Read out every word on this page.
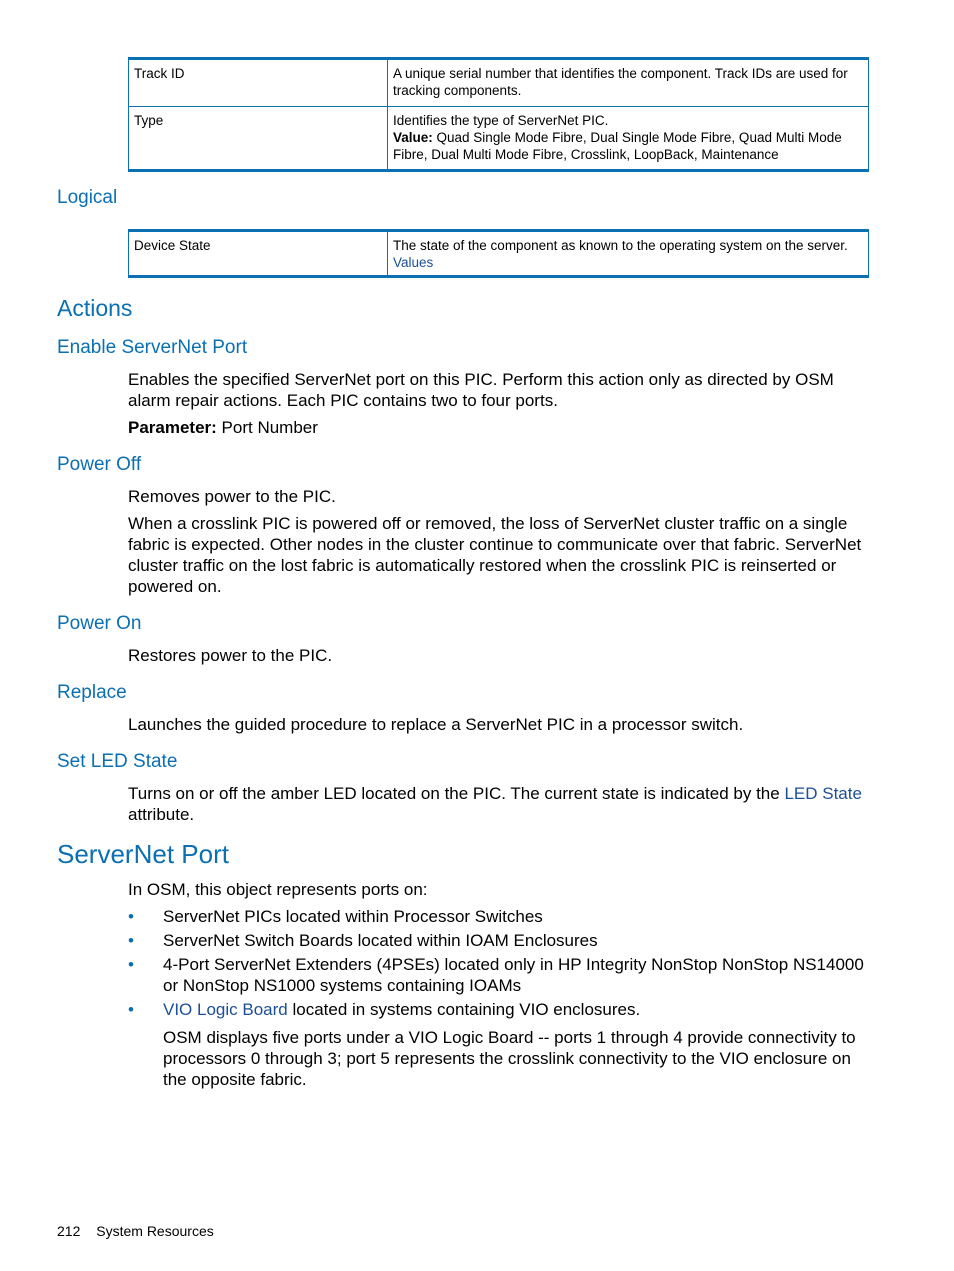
Track ID	A unique serial number that identifies the component. Track IDs are used for tracking components.
Type	Identifies the type of ServerNet PIC.
Value: Quad Single Mode Fibre, Dual Single Mode Fibre, Quad Multi Mode Fibre, Dual Multi Mode Fibre, Crosslink, LoopBack, Maintenance
Logical
Device State	The state of the component as known to the operating system on the server.
Values
Actions
Enable ServerNet Port
Enables the specified ServerNet port on this PIC. Perform this action only as directed by OSM alarm repair actions. Each PIC contains two to four ports.
Parameter: Port Number
Power Off
Removes power to the PIC.
When a crosslink PIC is powered off or removed, the loss of ServerNet cluster traffic on a single fabric is expected. Other nodes in the cluster continue to communicate over that fabric. ServerNet cluster traffic on the lost fabric is automatically restored when the crosslink PIC is reinserted or powered on.
Power On
Restores power to the PIC.
Replace
Launches the guided procedure to replace a ServerNet PIC in a processor switch.
Set LED State
Turns on or off the amber LED located on the PIC. The current state is indicated by the LED State attribute.
ServerNet Port
In OSM, this object represents ports on:
• ServerNet PICs located within Processor Switches
• ServerNet Switch Boards located within IOAM Enclosures
• 4-Port ServerNet Extenders (4PSEs) located only in HP Integrity NonStop NonStop NS14000 or NonStop NS1000 systems containing IOAMs
• VIO Logic Board located in systems containing VIO enclosures.
OSM displays five ports under a VIO Logic Board -- ports 1 through 4 provide connectivity to processors 0 through 3; port 5 represents the crosslink connectivity to the VIO enclosure on the opposite fabric.
212 System Resources
